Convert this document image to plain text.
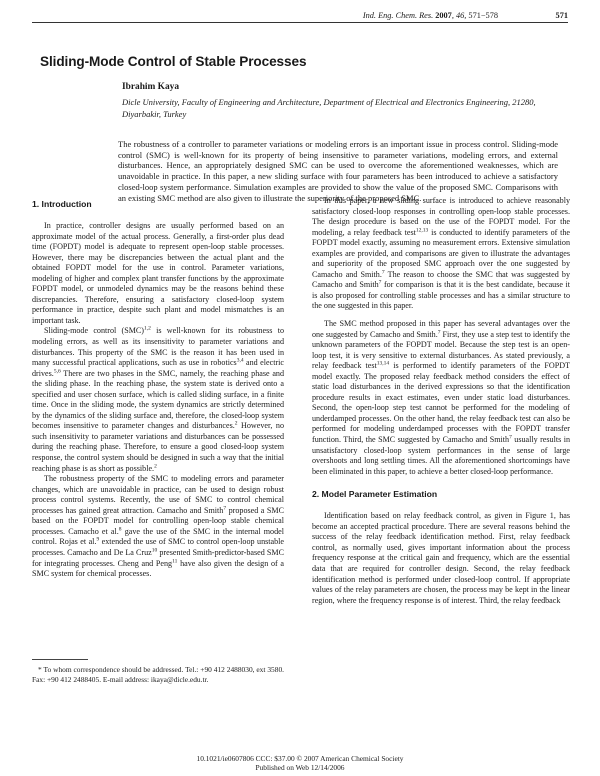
Ind. Eng. Chem. Res. 2007, 46, 571−578	571
Sliding-Mode Control of Stable Processes
Ibrahim Kaya
Dicle University, Faculty of Engineering and Architecture, Department of Electrical and Electronics Engineering, 21280, Diyarbakir, Turkey
The robustness of a controller to parameter variations or modeling errors is an important issue in process control. Sliding-mode control (SMC) is well-known for its property of being insensitive to parameter variations, modeling errors, and external disturbances. Hence, an appropriately designed SMC can be used to overcome the aforementioned weaknesses, which are unavoidable in practice. In this paper, a new sliding surface with four parameters has been introduced to achieve a satisfactory closed-loop system performance. Simulation examples are provided to show the value of the proposed SMC. Comparisons with an existing SMC method are also given to illustrate the superiority of the proposed SMC.
1. Introduction

In practice, controller designs are usually performed based on an approximate model of the actual process. Generally, a first-order plus dead time (FOPDT) model is adequate to represent open-loop stable processes. However, there may be discrepancies between the actual plant and the obtained FOPDT model for the use in control. Parameter variations, modeling of higher and complex plant transfer functions by the approximate FOPDT model, or unmodeled dynamics may be the reasons behind these discrepancies. Therefore, ensuring a satisfactory closed-loop system performance in practice, despite such plant and model mismatches is an important task.

Sliding-mode control (SMC)$^{1,2}$ is well-known for its robustness to modeling errors, as well as its insensitivity to parameter variations and disturbances. This property of the SMC is the reason it has been used in many successful practical applications, such as use in robotics$^{3,4}$ and electric drives.$^{5,6}$ There are two phases in the SMC, namely, the reaching phase and the sliding phase. In the reaching phase, the system state is derived onto a specified and user chosen surface, which is called sliding surface, in a finite time. Once in the sliding mode, the system dynamics are strictly determined by the dynamics of the sliding surface and, therefore, the closed-loop system becomes insensitive to parameter changes and disturbances.$^2$ However, no such insensitivity to parameter variations and disturbances can be possessed during the reaching phase. Therefore, to ensure a good closed-loop system response, the control system should be designed in such a way that the initial reaching phase is as short as possible.$^2$

The robustness property of the SMC to modeling errors and parameter changes, which are unavoidable in practice, can be used to design robust process control systems. Recently, the use of SMC to control chemical processes has gained great attraction. Camacho and Smith$^7$ proposed a SMC based on the FOPDT model for controlling open-loop stable chemical processes. Camacho et al.$^8$ gave the use of the SMC in the internal model control. Rojas et al.$^9$ extended the use of SMC to control open-loop unstable processes. Camacho and De La Cruz$^{10}$ presented Smith-predictor-based SMC for integrating processes. Cheng and Peng$^{11}$ have also given the design of a SMC system for chemical processes.

In this paper, a new sliding surface is introduced to achieve reasonably satisfactory closed-loop responses in controlling open-loop stable processes. The design procedure is based on the use of the FOPDT model. For the modeling, a relay feedback test$^{12,13}$ is conducted to identify parameters of the FOPDT model exactly, assuming no measurement errors. Extensive simulation examples are provided, and comparisons are given to illustrate the advantages and superiority of the proposed SMC approach over the one suggested by Camacho and Smith.$^7$ The reason to choose the SMC that was suggested by Camacho and Smith$^7$ for comparison is that it is the best candidate, because it is also proposed for controlling stable processes and has a similar structure to the one suggested in this paper.

The SMC method proposed in this paper has several advantages over the one suggested by Camacho and Smith.$^7$ First, they use a step test to identify the unknown parameters of the FOPDT model. Because the step test is an open-loop test, it is very sensitive to external disturbances. As stated previously, a relay feedback test$^{13,14}$ is performed to identify parameters of the FOPDT model exactly. The proposed relay feedback method considers the effect of static load disturbances in the derived expressions so that the identification procedure results in exact estimates, even under static load disturbances. Second, the open-loop step test cannot be performed for the modeling of underdamped processes. On the other hand, the relay feedback test can also be performed for modeling underdamped processes with the FOPDT transfer function. Third, the SMC suggested by Camacho and Smith$^7$ usually results in unsatisfactory closed-loop system performances in the sense of large overshoots and long settling times. All the aforementioned shortcomings have been eliminated in this paper, to achieve a better closed-loop performance.

2. Model Parameter Estimation

Identification based on relay feedback control, as given in Figure 1, has become an accepted practical procedure. There are several reasons behind the success of the relay feedback identification method. First, relay feedback control, as normally used, gives important information about the process frequency response at the critical gain and frequency, which are the essential data that are required for controller design. Second, the relay feedback identification method is performed under closed-loop control. If appropriate values of the relay parameters are chosen, the process may be kept in the linear region, where the frequency response is of interest. Third, the relay feedback

* To whom correspondence should be addressed. Tel.: +90 412 2488030, ext 3580. Fax: +90 412 2488405. E-mail address: ikaya@dicle.edu.tr.
10.1021/ie0607806 CCC: $37.00 © 2007 American Chemical Society
Published on Web 12/14/2006
